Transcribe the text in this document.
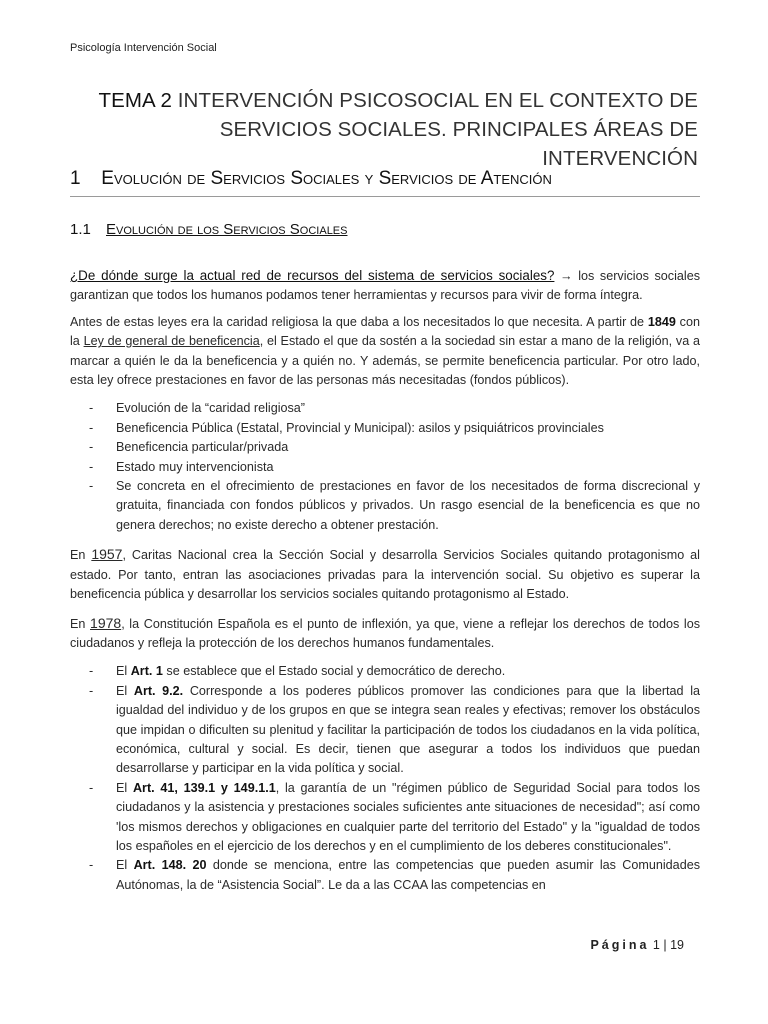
Psicología Intervención Social
TEMA 2 INTERVENCIÓN PSICOSOCIAL EN EL CONTEXTO DE
SERVICIOS SOCIALES. PRINCIPALES ÁREAS DE INTERVENCIÓN
1 Evolución de Servicios Sociales y Servicios de Atención
1.1 Evolución de los Servicios Sociales

¿De dónde surge la actual red de recursos del sistema de servicios sociales? → los servicios sociales garantizan que todos los humanos podamos tener herramientas y recursos para vivir de forma íntegra.

Antes de estas leyes era la caridad religiosa la que daba a los necesitados lo que necesita. A partir de 1849 con la Ley de general de beneficencia, el Estado el que da sostén a la sociedad sin estar a mano de la religión, va a marcar a quién le da la beneficencia y a quién no. Y además, se permite beneficencia particular. Por otro lado, esta ley ofrece prestaciones en favor de las personas más necesitadas (fondos públicos).

- Evolución de la “caridad religiosa”
- Beneficencia Pública (Estatal, Provincial y Municipal): asilos y psiquiátricos provinciales
- Beneficencia particular/privada
- Estado muy intervencionista
- Se concreta en el ofrecimiento de prestaciones en favor de los necesitados de forma discrecional y gratuita, financiada con fondos públicos y privados. Un rasgo esencial de la beneficencia es que no genera derechos; no existe derecho a obtener prestación.

En 1957, Caritas Nacional crea la Sección Social y desarrolla Servicios Sociales quitando protagonismo al estado. Por tanto, entran las asociaciones privadas para la intervención social. Su objetivo es superar la beneficencia pública y desarrollar los servicios sociales quitando protagonismo al Estado.

En 1978, la Constitución Española es el punto de inflexión, ya que, viene a reflejar los derechos de todos los ciudadanos y refleja la protección de los derechos humanos fundamentales.

- El Art. 1 se establece que el Estado social y democrático de derecho.
- El Art. 9.2. Corresponde a los poderes públicos promover las condiciones para que la libertad la igualdad del individuo y de los grupos en que se integra sean reales y efectivas; remover los obstáculos que impidan o dificulten su plenitud y facilitar la participación de todos los ciudadanos en la vida política, económica, cultural y social. Es decir, tienen que asegurar a todos los individuos que puedan desarrollarse y participar en la vida política y social.
- El Art. 41, 139.1 y 149.1.1, la garantía de un "régimen público de Seguridad Social para todos los ciudadanos y la asistencia y prestaciones sociales suficientes ante situaciones de necesidad"; así como 'los mismos derechos y obligaciones en cualquier parte del territorio del Estado" y la "igualdad de todos los españoles en el ejercicio de los derechos y en el cumplimiento de los deberes constitucionales".
- El Art. 148. 20 donde se menciona, entre las competencias que pueden asumir las Comunidades Autónomas, la de “Asistencia Social”. Le da a las CCAA las competencias en
Página 1 | 19
